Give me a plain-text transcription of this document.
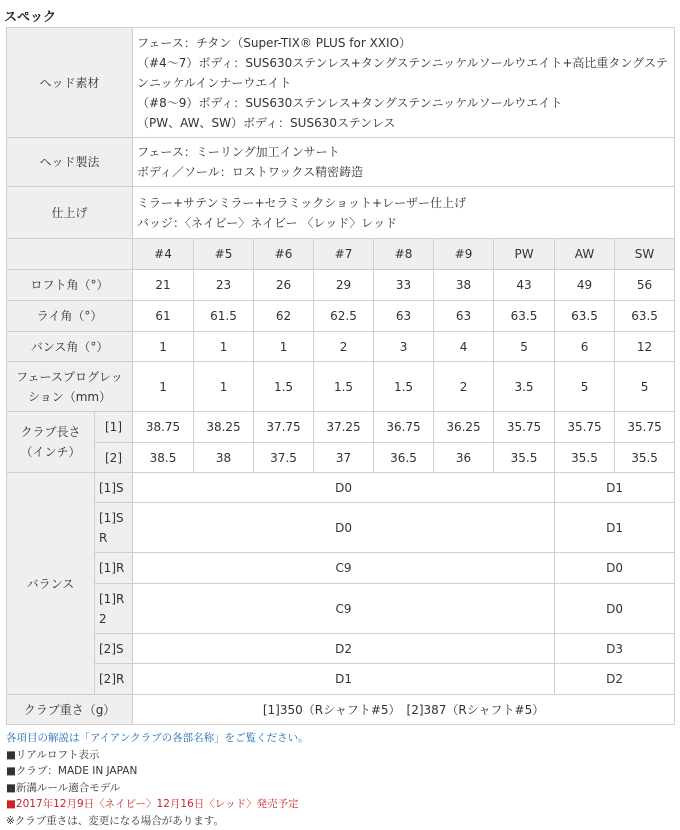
スペック
ヘッド素材		フェース：チタン（Super-TIX® PLUS for XXIO）
（#4〜7）ボディ：SUS630ステンレス+タングステンニッケルソールウエイト+高比重タングステ
ンニッケルインナーウエイト
（#8〜9）ボディ：SUS630ステンレス+タングステンニッケルソールウエイト
（PW、AW、SW）ボディ：SUS630ステンレス								

ヘッド製法		フェース：ミーリング加工インサート
ボディ／ソール：ロストワックス精密鋳造								

仕上げ		ミラー+サテンミラー+セラミックショット+レーザー仕上げ
バッジ：〈ネイビー〉ネイビー 〈レッド〉レッド								

		#4	#5	#6	#7	#8	#9	PW	AW	SW
ロフト角（°）		21	23	26	29	33	38	43	49	56
ライ角（°）		61	61.5	62	62.5	63	63	63.5	63.5	63.5
バンス角（°）		1	1	1	2	3	4	5	6	12
フェースプログレッション（mm）		1	1	1.5	1.5	1.5	2	3.5	5	5
クラブ長さ（インチ）	[1]	38.75	38.25	37.75	37.25	36.75	36.25	35.75	35.75	35.75
	[2]	38.5	38	37.5	37	36.5	36	35.5	35.5	35.5
バランス	[1]S	D0							D1	
	[1]SR	D0							D1	
	[1]R	C9							D0	
	[1]R2	C9							D0	
	[2]S	D2							D3	
	[2]R	D1							D2	
クラブ重さ（g）		[1]350（Rシャフト#5）　[2]387（Rシャフト#5）								
各項目の解説は「アイアンクラブの各部名称」をご覧ください。
■リアルロフト表示
■クラブ：MADE IN JAPAN
■新溝ルール適合モデル
■2017年12月9日〈ネイビー〉12月16日〈レッド〉発売予定
※クラブ重さは、変更になる場合があります。
